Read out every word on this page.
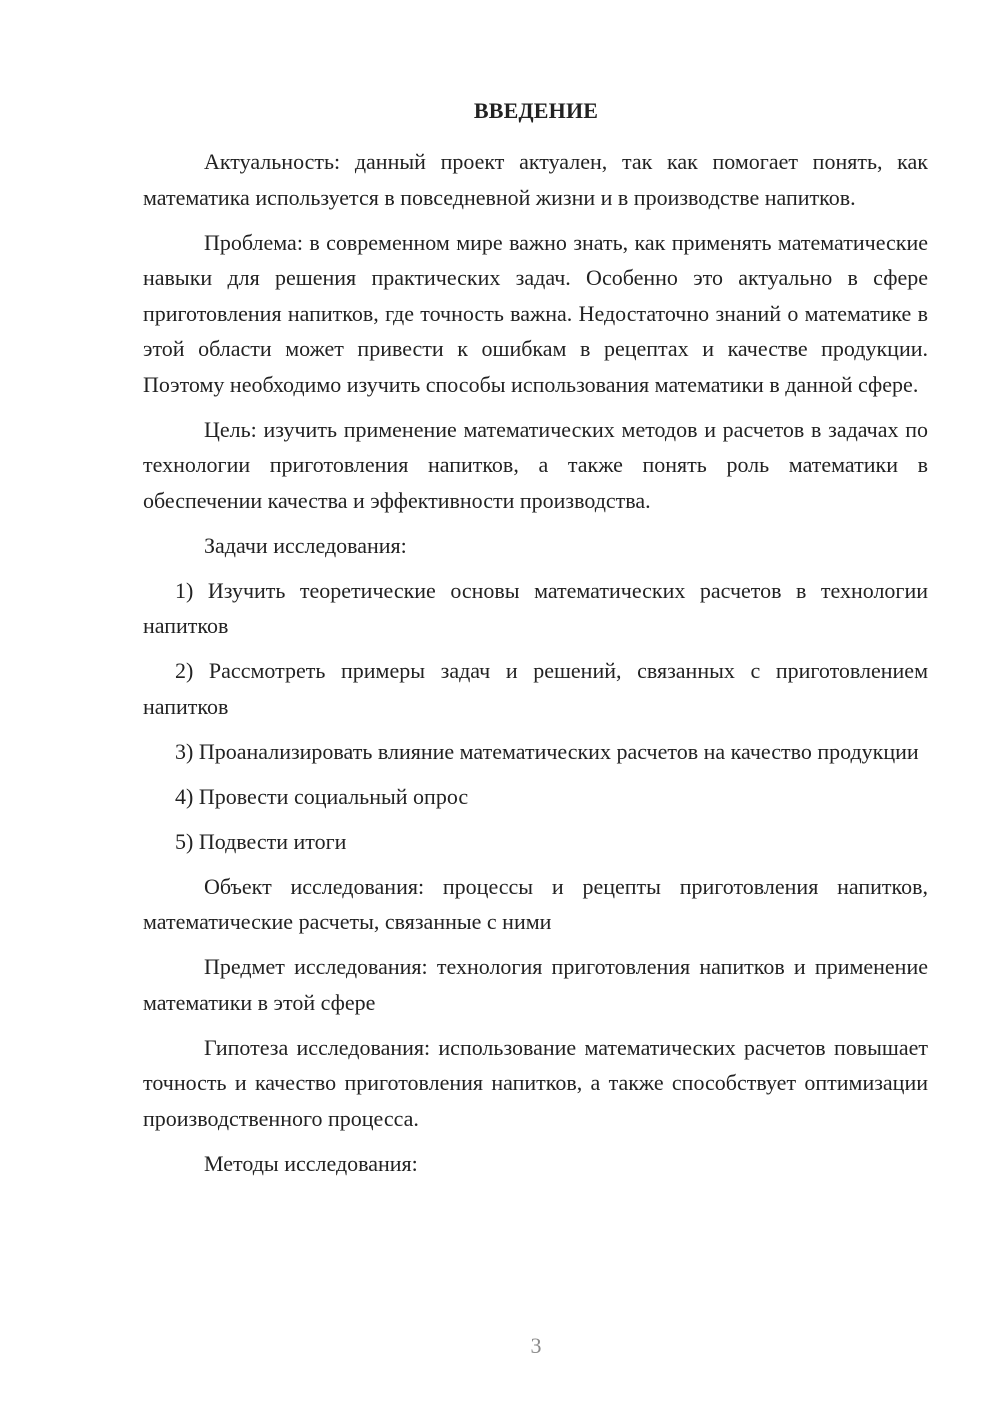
ВВЕДЕНИЕ

Актуальность: данный проект актуален, так как помогает понять, как математика используется в повседневной жизни и в производстве напитков.

Проблема: в современном мире важно знать, как применять математические навыки для решения практических задач. Особенно это актуально в сфере приготовления напитков, где точность важна. Недостаточно знаний о математике в этой области может привести к ошибкам в рецептах и качестве продукции. Поэтому необходимо изучить способы использования математики в данной сфере.

Цель: изучить применение математических методов и расчетов в задачах по технологии приготовления напитков, а также понять роль математики в обеспечении качества и эффективности производства.

Задачи исследования:

1) Изучить теоретические основы математических расчетов в технологии напитков

2) Рассмотреть примеры задач и решений, связанных с приготовлением напитков

3) Проанализировать влияние математических расчетов на качество продукции

4) Провести социальный опрос

5) Подвести итоги

Объект исследования: процессы и рецепты приготовления напитков, математические расчеты, связанные с ними

Предмет исследования: технология приготовления напитков и применение математики в этой сфере

Гипотеза исследования: использование математических расчетов повышает точность и качество приготовления напитков, а также способствует оптимизации производственного процесса.

Методы исследования:

3
